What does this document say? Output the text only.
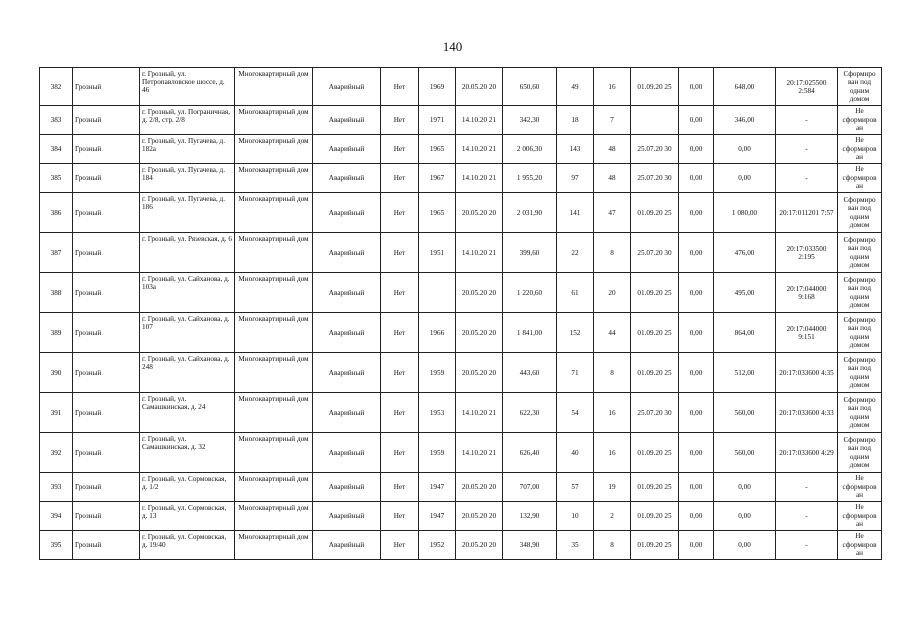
140
382	Грозный	г. Грозный, ул. Петропавловское шоссе, д. 46	Многоквартирный дом	Аварийный	Нет	1969	20.05.20 20	650,60	49	16	01.09.20 25	0,00	648,00	20:17:025500 2:584	Сформиро ван под одним домом
383	Грозный	г. Грозный, ул. Пограничная, д. 2/8, стр. 2/8	Многоквартирный дом	Аварийный	Нет	1971	14.10.20 21	342,30	18	7		0,00	346,00	-	Не сформиров ан
384	Грозный	г. Грозный, ул. Пугачева, д. 182а	Многоквартирный дом	Аварийный	Нет	1965	14.10.20 21	2 006,30	143	48	25.07.20 30	0,00	0,00	-	Не сформиров ан
385	Грозный	г. Грозный, ул. Пугачева, д. 184	Многоквартирный дом	Аварийный	Нет	1967	14.10.20 21	1 955,20	97	48	25.07.20 30	0,00	0,00	-	Не сформиров ан
386	Грозный	г. Грозный, ул. Пугачева, д. 186	Многоквартирный дом	Аварийный	Нет	1965	20.05.20 20	2 031,90	141	47	01.09.20 25	0,00	1 080,00	20:17:011201 7:57	Сформиро ван под одним домом
387	Грозный	г. Грозный, ул. Рязевская, д. 6	Многоквартирный дом	Аварийный	Нет	1951	14.10.20 21	399,60	22	8	25.07.20 30	0,00	476,00	20:17:033500 2:195	Сформиро ван под одним домом
388	Грозный	г. Грозный, ул. Сайханова, д. 103а	Многоквартирный дом	Аварийный	Нет		20.05.20 20	1 220,60	61	20	01.09.20 25	0,00	495,00	20:17:044000 9:168	Сформиро ван под одним домом
389	Грозный	г. Грозный, ул. Сайханова, д. 107	Многоквартирный дом	Аварийный	Нет	1966	20.05.20 20	1 841,00	152	44	01.09.20 25	0,00	864,00	20:17:044000 9:151	Сформиро ван под одним домом
390	Грозный	г. Грозный, ул. Сайханова, д. 248	Многоквартирный дом	Аварийный	Нет	1959	20.05.20 20	443,60	71	8	01.09.20 25	0,00	512,00	20:17:033600 4:35	Сформиро ван под одним домом
391	Грозный	г. Грозный, ул. Самашкинская, д. 24	Многоквартирный дом	Аварийный	Нет	1953	14.10.20 21	622,30	54	16	25.07.20 30	0,00	560,00	20:17:033600 4:33	Сформиро ван под одним домом
392	Грозный	г. Грозный, ул. Самашкинская, д. 32	Многоквартирный дом	Аварийный	Нет	1959	14.10.20 21	626,40	40	16	01.09.20 25	0,00	560,00	20:17:033600 4:29	Сформиро ван под одним домом
393	Грозный	г. Грозный, ул. Сормовская, д. 1/2	Многоквартирный дом	Аварийный	Нет	1947	20.05.20 20	707,00	57	19	01.09.20 25	0,00	0,00	-	Не сформиров ан
394	Грозный	г. Грозный, ул. Сормовская, д. 13	Многоквартирный дом	Аварийный	Нет	1947	20.05.20 20	132,90	10	2	01.09.20 25	0,00	0,00	-	Не сформиров ан
395	Грозный	г. Грозный, ул. Сормовская, д. 19/40	Многоквартирный дом	Аварийный	Нет	1952	20.05.20 20	348,90	35	8	01.09.20 25	0,00	0,00	-	Не сформиров ан
